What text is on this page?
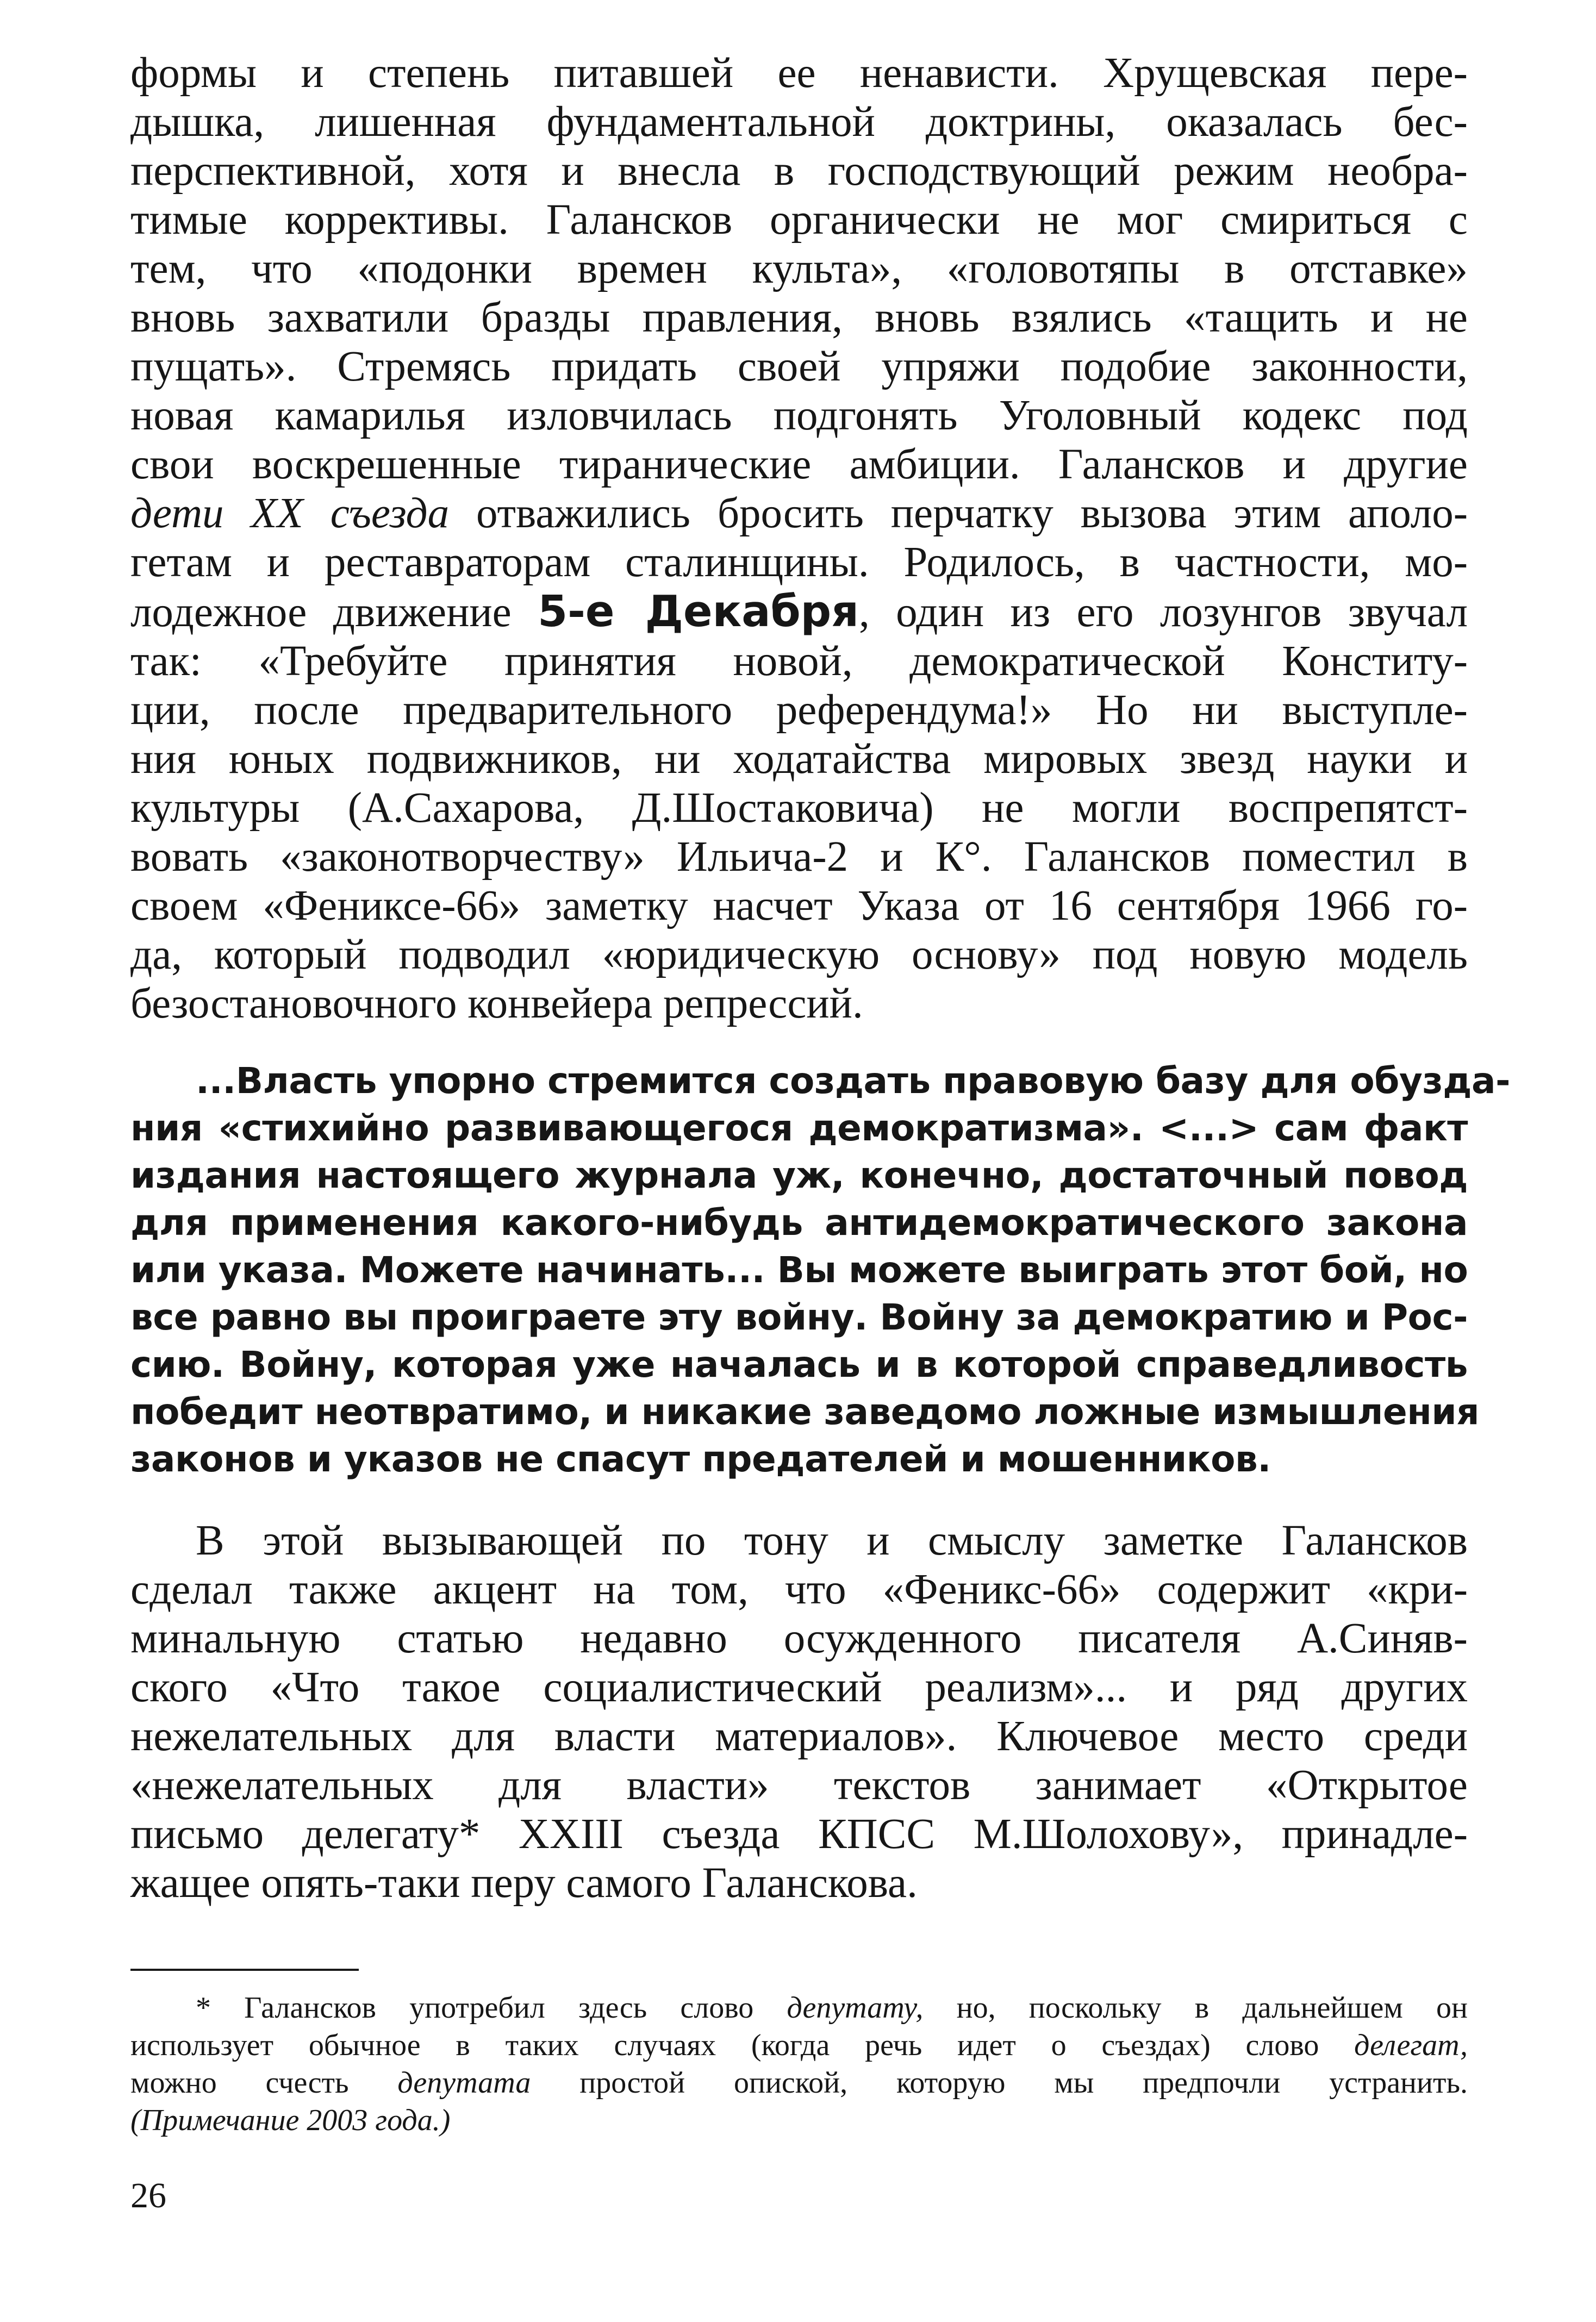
формы и степень питавшей ее ненависти. Хрущевская пере-
дышка, лишенная фундаментальной доктрины, оказалась бес-
перспективной, хотя и внесла в господствующий режим необра-
тимые коррективы. Галансков органически не мог смириться с
тем, что «подонки времен культа», «головотяпы в отставке»
вновь захватили бразды правления, вновь взялись «тащить и не
пущать». Стремясь придать своей упряжи подобие законности,
новая камарилья изловчилась подгонять Уголовный кодекс под
свои воскрешенные тиранические амбиции. Галансков и другие
дети XX съезда отважились бросить перчатку вызова этим аполо-
гетам и реставраторам сталинщины. Родилось, в частности, мо-
лодежное движение 5-е Декабря, один из его лозунгов звучал
так: «Требуйте принятия новой, демократической Конститу-
ции, после предварительного референдума!» Но ни выступле-
ния юных подвижников, ни ходатайства мировых звезд науки и
культуры (А.Сахарова, Д.Шостаковича) не могли воспрепятст-
вовать «законотворчеству» Ильича-2 и К°. Галансков поместил в
своем «Фениксе-66» заметку насчет Указа от 16 сентября 1966 го-
да, который подводил «юридическую основу» под новую модель
безостановочного конвейера репрессий.
...Власть упорно стремится создать правовую базу для обузда-
ния «стихийно развивающегося демократизма». <...> сам факт
издания настоящего журнала уж, конечно, достаточный повод
для применения какого-нибудь антидемократического закона
или указа. Можете начинать... Вы можете выиграть этот бой, но
все равно вы проиграете эту войну. Войну за демократию и Рос-
сию. Войну, которая уже началась и в которой справедливость
победит неотвратимо, и никакие заведомо ложные измышления
законов и указов не спасут предателей и мошенников.
В этой вызывающей по тону и смыслу заметке Галансков
сделал также акцент на том, что «Феникс-66» содержит «кри-
минальную статью недавно осужденного писателя А.Синяв-
ского «Что такое социалистический реализм»... и ряд других
нежелательных для власти материалов». Ключевое место среди
«нежелательных для власти» текстов занимает «Открытое
письмо делегату* XXIII съезда КПСС М.Шолохову», принадле-
жащее опять-таки перу самого Галанскова.
* Галансков употребил здесь слово депутату, но, поскольку в дальнейшем он
использует обычное в таких случаях (когда речь идет о съездах) слово делегат,
можно счесть депутата простой опиской, которую мы предпочли устранить.
(Примечание 2003 года.)
26
